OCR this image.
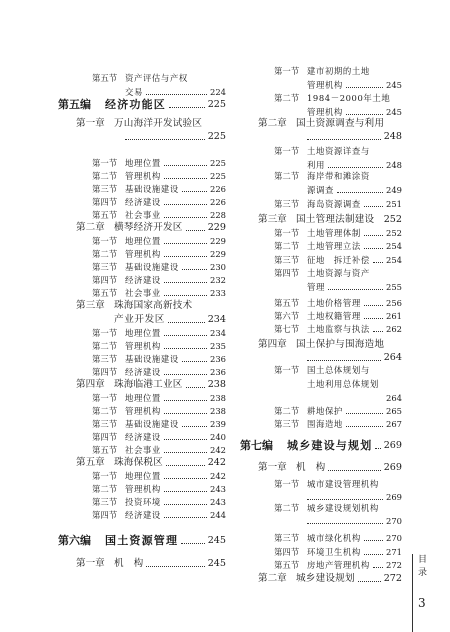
第五节 资产评估与产权
交易	224
第五编 经济功能区	225
第一章 万山海洋开发试验区
225
第一节 地理位置	225
第二节 管理机构	225
第三节 基础设施建设	226
第四节 经济建设	226
第五节 社会事业	228
第二章 横琴经济开发区	229
第一节 地理位置	229
第二节 管理机构	229
第三节 基础设施建设	230
第四节 经济建设	232
第五节 社会事业	233
第三章 珠海国家高新技术
产业开发区	234
第一节 地理位置	234
第二节 管理机构	235
第三节 基础设施建设	236
第四节 经济建设	236
第四章 珠海临港工业区	238
第一节 地理位置	238
第二节 管理机构	238
第三节 基础设施建设	239
第四节 经济建设	240
第五节 社会事业	242
第五章 珠海保税区	242
第一节 地理位置	242
第二节 管理机构	243
第三节 投资环境	243
第四节 经济建设	244
第六编 国土资源管理	245
第一章 机　构	245
第一节 建市初期的土地
管理机构	245
第二节 1984－2000年土地
管理机构	245
第二章 国土资源调查与利用
248
第一节 土地资源详查与
利用	248
第二节 海岸带和滩涂资
源调查	249
第三节 海岛资源调查	251
第三章 国土管理法制建设 252
第一节 土地管理体制	252
第二节 土地管理立法	254
第三节 征地　拆迁补偿 254
第四节 土地资源与资产
管理	255
第五节 土地价格管理	256
第六节 土地权籍管理	261
第七节 土地监察与执法 262
第四章 国土保护与围海造地
264
第一节 国土总体规划与
土地利用总体规划
264
第二节 耕地保护	265
第三节 围海造地	267
第七编 城乡建设与规划 269
第一章 机　构	269
第一节 城市建设管理机构
269
第二节 城乡建设规划机构
270
第三节 城市绿化机构	270
第四节 环境卫生机构	271
第五节 房地产管理机构 272
第二章 城乡建设规划	272
目录
3
